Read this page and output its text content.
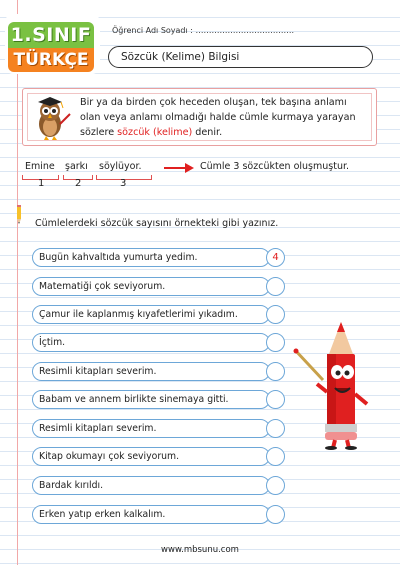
1.SINIF
TÜRKÇE
Öğrenci Adı Soyadı : ……………………………….
Sözcük (Kelime) Bilgisi
Bir ya da birden çok heceden oluşan, tek başına anlamı olan veya anlamı olmadığı halde cümle kurmaya yarayan sözlere sözcük (kelime) denir.
Emine şarkı söylüyor.
1	2	3
Cümle 3 sözcükten oluşmuştur.
Cümlelerdeki sözcük sayısını örnekteki gibi yazınız.
Bugün kahvaltıda yumurta yedim.	4
Matematiği çok seviyorum.
Çamur ile kaplanmış kıyafetlerimi yıkadım.
İçtim.
Resimli kitapları severim.
Babam ve annem birlikte sinemaya gitti.
Resimli kitapları severim.
Kitap okumayı çok seviyorum.
Bardak kırıldı.
Erken yatıp erken kalkalım.
www.mbsunu.com
